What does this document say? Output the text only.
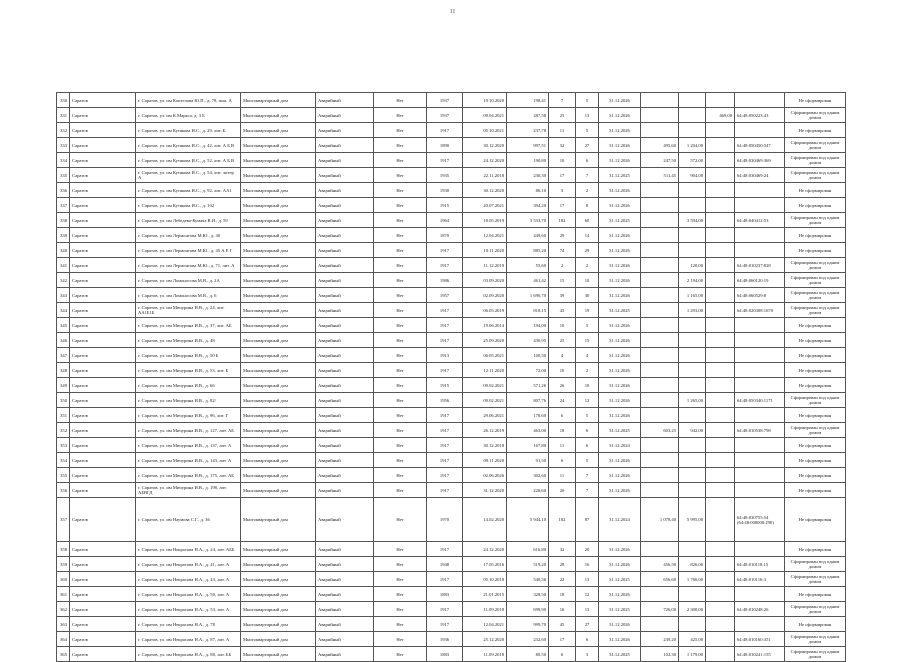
11
330	Саратов	г. Саратов, ул. им Коптелова Ю.П., д. 78, пом. А	Многоквартирный дом	Аварийный	Нет	1937	19.10.2020	198,41	7	5	31.12.2026					Не сформирован
331	Саратов	г. Саратов, ул. им К.Маркса, д. 3 Б	Многоквартирный дом	Аварийный	Нет	1937	09.04.2021	287,58	25	13	31.12.2026			469,00	64:48:050223:43	Сформирован под одним домом
332	Саратов	г. Саратов, ул. им Кутякова И.С., д. 29, лит. Б	Многоквартирный дом	Аварийный	Нет	1917	05.10.2021	237,78	11	5	31.12.2026					Не сформирован
333	Саратов	г. Саратов, ул. им Кутякова И.С., д. 42, лит. А Б В	Многоквартирный дом	Аварийный	Нет	1890	30.12.2020	997,51	32	27	31.12.2026	495,60	1 204,00		64:48:050450:547	Сформирован под одним домом
334	Саратов	г. Саратов, ул. им Кутякова И.С., д. 52, лит. А Б В	Многоквартирный дом	Аварийный	Нет	1917	24.12.2020	190,80	10	6	31.12.2026	247,50	572,00		64:48:030469:369	Сформирован под одним домом
335	Саратов	г. Саратов, ул. им Кутякова И.С., д. 54, лит. литер А	Многоквартирный дом	Аварийный	Нет	1935	22.11.2018	230,30	17	7	31.12.2025	511,45	904,00		64:48:030469:24	Сформирован под одним домом
336	Саратов	г. Саратов, ул. им Кутякова И.С., д. 92, лит. АА1	Многоквартирный дом	Аварийный	Нет	1930	30.12.2020	86,10	3	2	31.12.2026					Не сформирован
337	Саратов	г. Саратов, ул. им Кутякова И.С., д. 102	Многоквартирный дом	Аварийный	Нет	1915	20.07.2021	394,20	17	8	31.12.2026					Не сформирован
338	Саратов	г. Саратов, ул. им Лебедева-Кумача В.И., д. 59	Многоквартирный дом	Аварийный	Нет	1964	18.05.2019	3 533,70	182	60	31.12.2025		3 594,00		64:48:040412:53	Сформирован под одним домом
339	Саратов	г. Саратов, ул. им Лермонтова М.Ю., д. 40	Многоквартирный дом	Аварийный	Нет	1870	12.04.2021	449,60	29	14	31.12.2026					Не сформирован
340	Саратов	г. Саратов, ул. им Лермонтова М.Ю., д. 45 А Е Г	Многоквартирный дом	Аварийный	Нет	1917	10.11.2020	885,20	74	29	31.12.2026					Не сформирован
341	Саратов	г. Саратов, ул. им Лермонтова М.Ю., д. 71, лит. А	Многоквартирный дом	Аварийный	Нет	1917	11.12.2019	55,60	2	2	31.12.2026		120,00		64:48:010237:828	Сформирован под одним домом
342	Саратов	г. Саратов, ул. им Ломоносова М.В., д. 2А	Многоквартирный дом	Аварийный	Нет	1986	03.09.2020	461,42	15	10	31.12.2026		2 194,00		64:48:060120:19	Сформирован под одним домом
343	Саратов	г. Саратов, ул. им Ломоносова М.В., д. 6	Многоквартирный дом	Аварийный	Нет	1957	02.09.2020	1 690,70	39	30	31.12.2026		1 165,00		64:48:060529:8	Сформирован под одним домом
344	Саратов	г. Саратов, ул. им Мичурина И.В., д. 24, лит. АА1Б1Б	Многоквартирный дом	Аварийный	Нет	1917	06.05.2019	818,15	43	19	31.12.2025		1 293,00		64:48:020308:1670	Сформирован под одним домом
345	Саратов	г. Саратов, ул. им Мичурина И.В., д. 37, лит. АБ	Многоквартирный дом	Аварийный	Нет	1917	19.06.2014	194,00	10	5	31.12.2026					Не сформирован
346	Саратов	г. Саратов, ул. им Мичурина И.В., д. 48	Многоквартирный дом	Аварийный	Нет	1917	25.09.2020	430,95	25	15	31.12.2026					Не сформирован
347	Саратов	г. Саратов, ул. им Мичурина И.В., д. 50 Б	Многоквартирный дом	Аварийный	Нет	1913	06.05.2021	100,50	4	4	31.12.2026					Не сформирован
348	Саратов	г. Саратов, ул. им Мичурина И.В., д. 53, лит. Б	Многоквартирный дом	Аварийный	Нет	1917	12.11.2020	72,00	10	2	31.12.2026					Не сформирован
349	Саратов	г. Саратов, ул. им Мичурина И.В., д. 66	Многоквартирный дом	Аварийный	Нет	1915	09.02.2021	571,26	26	10	31.12.2026					Не сформирован
350	Саратов	г. Саратов, ул. им Мичурина И.В., д. 82/	Многоквартирный дом	Аварийный	Нет	1956	09.02.2021	807,76	24	12	31.12.2026		1 265,00		64:48:050340:1171	Сформирован под одним домом
351	Саратов	г. Саратов, ул. им Мичурина И.В., д. 96, лит. Г	Многоквартирный дом	Аварийный	Нет	1917	29.06.2021	178,60	6	5	31.12.2026					Не сформирован
352	Саратов	г. Саратов, ул. им Мичурина И.В., д. 127, лит. АБ	Многоквартирный дом	Аварийный	Нет	1917	26.12.2019	463,00	18	6	31.12.2025	603,25	942,00		64:48:010538:798	Сформирован под одним домом
353	Саратов	г. Саратов, ул. им Мичурина И.В., д. 137, лит. А	Многоквартирный дом	Аварийный	Нет	1917	30.12.2018	167,80	11	6	31.12.2024					Не сформирован
354	Саратов	г. Саратов, ул. им Мичурина И.В., д. 143, лит. А	Многоквартирный дом	Аварийный	Нет	1917	09.11.2020	91,50	6	5	31.12.2026					Не сформирован
355	Саратов	г. Саратов, ул. им Мичурина И.В., д. 175, лит. АБ	Многоквартирный дом	Аварийный	Нет	1917	02.06.2026	302,60	11	7	31.12.2026					Не сформирован
356	Саратов	г. Саратов, ул. им Мичурина И.В., д. 198, лит. АБВГД	Многоквартирный дом	Аварийный	Нет	1917	31.12.2020	226,60	20	7	31.12.2026					Не сформирован
357	Саратов	г. Саратов, ул. им Наумова С.Г., д. 36	Многоквартирный дом	Аварийный	Нет	1970	14.02.2020	5 944,10	182	87	31.12.2024	1 078,40	5 995,00		64:48:030755:54 (64:48:000000:290)	Не сформирован
358	Саратов	г. Саратов, ул. им Некрасова Н.А., д. 24, лит. АББ	Многоквартирный дом	Аварийный	Нет	1917	24.12.2020	616,80	32	20	31.12.2026					Не сформирован
359	Саратов	г. Саратов, ул. им Некрасова Н.А., д. 41, лит. А	Многоквартирный дом	Аварийный	Нет	1948	17.05.2016	519,20	28	16	31.12.2026	456,50	826,00		64:48:010118:15	Сформирован под одним домом
360	Саратов	г. Саратов, ул. им Некрасова Н.А., д. 43, лит. А	Многоквартирный дом	Аварийный	Нет	1917	05.10.2018	540,56	22	13	31.12.2025	656,60	1 766,00		64:48:010116:3	Сформирован под одним домом
361	Саратов	г. Саратов, ул. им Некрасова Н.А., д. 50, лит. А	Многоквартирный дом	Аварийный	Нет	1883	21.01.2015	328,50	18	12	31.12.2026					Не сформирован
362	Саратов	г. Саратов, ул. им Некрасова Н.А., д. 53, лит. А	Многоквартирный дом	Аварийный	Нет	1917	11.09.2018	699,90	16	13	31.12.2025	726,00	2 300,00		64:48:010248:26	Сформирован под одним домом
363	Саратов	г. Саратов, ул. им Некрасова Н.А., д. 78	Многоквартирный дом	Аварийный	Нет	1917	12.04.2021	999,70	45	27	31.12.2026					Не сформирован
364	Саратов	г. Саратов, ул. им Некрасова Н.А., д. 87, лит. А	Многоквартирный дом	Аварийный	Нет	1936	25.12.2020	232,60	17	6	31.12.2026	239,20	425,00		64:48:010160:351	Сформирован под одним домом
365	Саратов	г. Саратов, ул. им Некрасова Н.А., д. 88, лит. ББ	Многоквартирный дом	Аварийный	Нет	1883	11.09.2018	80,50	6	3	31.12.2025	102,30	1 179,00		64:48:010241:155	Сформирован под одним домом
